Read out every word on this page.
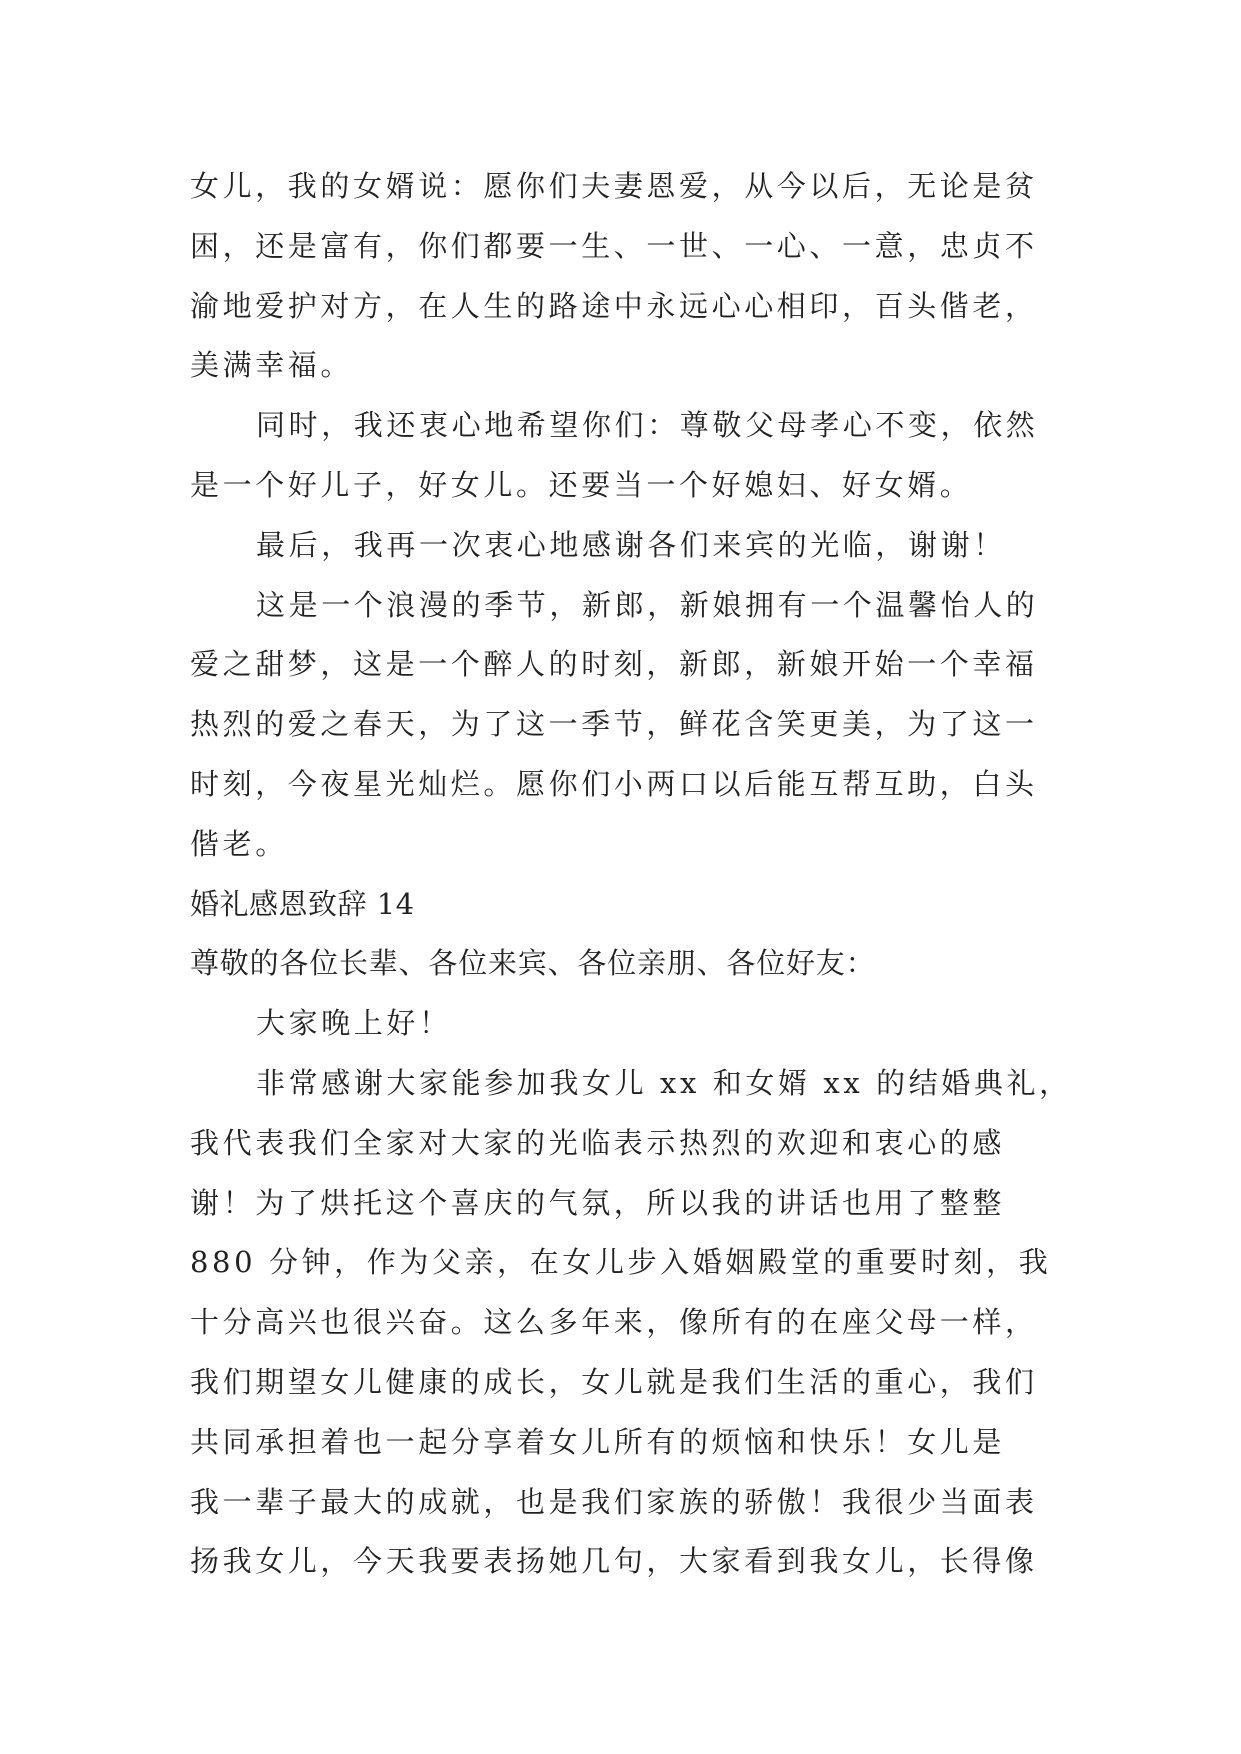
女儿，我的女婿说：愿你们夫妻恩爱，从今以后，无论是贫

困，还是富有，你们都要一生、一世、一心、一意，忠贞不

渝地爱护对方，在人生的路途中永远心心相印，百头偕老，

美满幸福。

同时，我还衷心地希望你们：尊敬父母孝心不变，依然

是一个好儿子，好女儿。还要当一个好媳妇、好女婿。

最后，我再一次衷心地感谢各们来宾的光临，谢谢！

这是一个浪漫的季节，新郎，新娘拥有一个温馨怡人的

爱之甜梦，这是一个醉人的时刻，新郎，新娘开始一个幸福

热烈的爱之春天，为了这一季节，鲜花含笑更美，为了这一

时刻，今夜星光灿烂。愿你们小两口以后能互帮互助，白头

偕老。

婚礼感恩致辞 14

尊敬的各位长辈、各位来宾、各位亲朋、各位好友：

大家晚上好！

非常感谢大家能参加我女儿 xx 和女婿 xx 的结婚典礼，

我代表我们全家对大家的光临表示热烈的欢迎和衷心的感

谢！为了烘托这个喜庆的气氛，所以我的讲话也用了整整

880 分钟，作为父亲，在女儿步入婚姻殿堂的重要时刻，我

十分高兴也很兴奋。这么多年来，像所有的在座父母一样，

我们期望女儿健康的成长，女儿就是我们生活的重心，我们

共同承担着也一起分享着女儿所有的烦恼和快乐！女儿是

我一辈子最大的成就，也是我们家族的骄傲！我很少当面表

扬我女儿，今天我要表扬她几句，大家看到我女儿，长得像
